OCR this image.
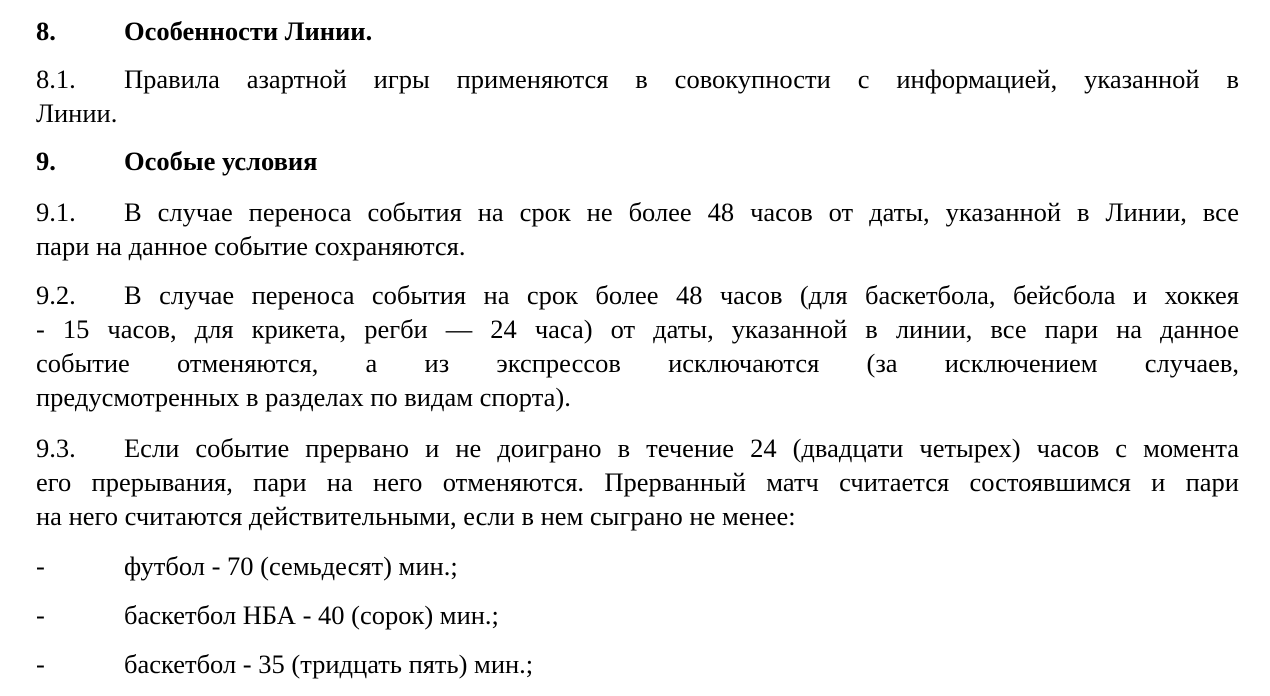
8.	Особенности Линии.
8.1. Правила азартной игры применяются в совокупности с информацией, указанной в
Линии.
9.	Особые условия
9.1. В случае переноса события на срок не более 48 часов от даты, указанной в Линии, все
пари на данное событие сохраняются.
9.2. В случае переноса события на срок более 48 часов (для баскетбола, бейсбола и хоккея
- 15 часов, для крикета, регби — 24 часа) от даты, указанной в линии, все пари на данное
событие отменяются, а из экспрессов исключаются (за исключением случаев,
предусмотренных в разделах по видам спорта).
9.3. Если событие прервано и не доиграно в течение 24 (двадцати четырех) часов с момента
его прерывания, пари на него отменяются. Прерванный матч считается состоявшимся и пари
на него считаются действительными, если в нем сыграно не менее:
-	футбол - 70 (семьдесят) мин.;
-	баскетбол НБА - 40 (сорок) мин.;
-	баскетбол - 35 (тридцать пять) мин.;
